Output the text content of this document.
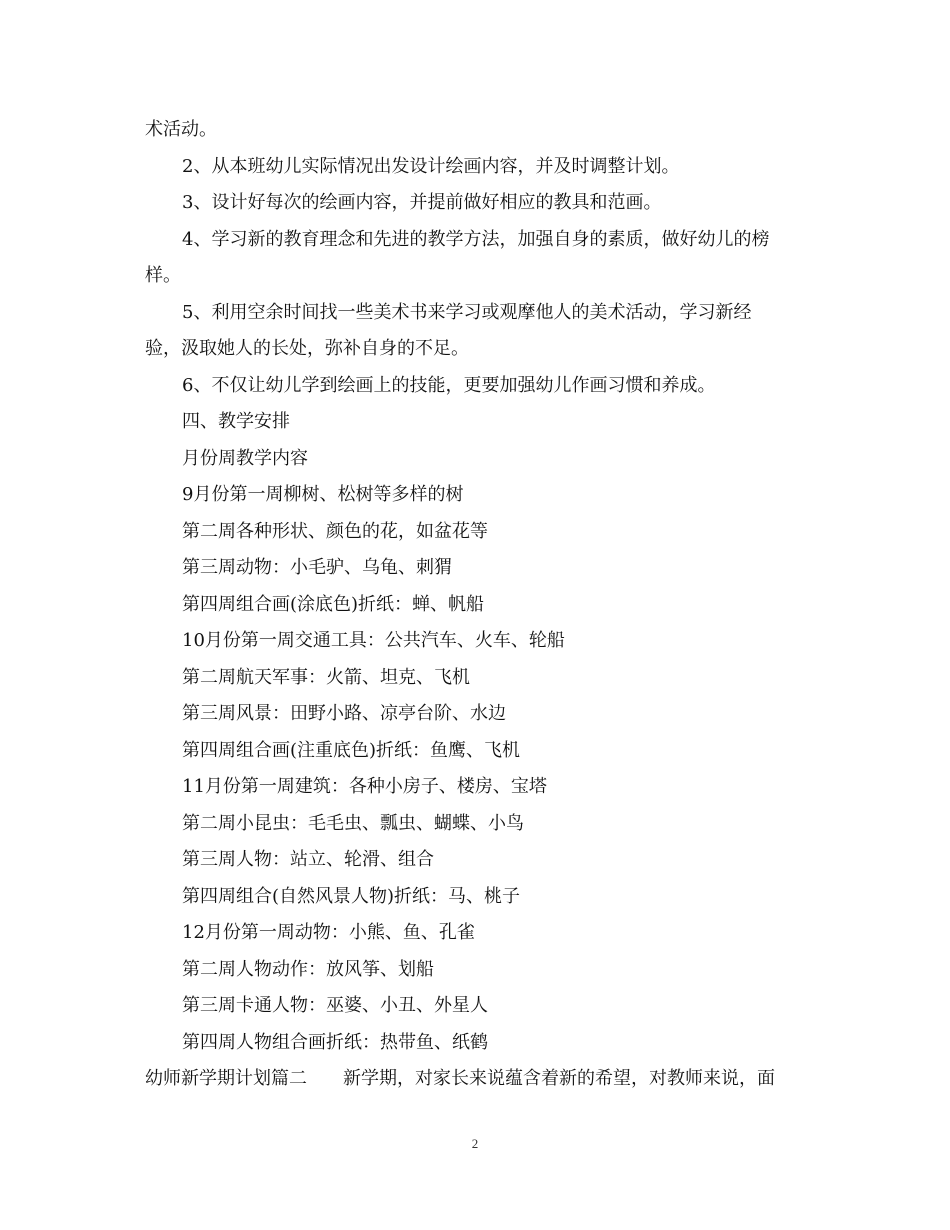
术活动。
2、从本班幼儿实际情况出发设计绘画内容，并及时调整计划。
3、设计好每次的绘画内容，并提前做好相应的教具和范画。
4、学习新的教育理念和先进的教学方法，加强自身的素质，做好幼儿的榜
样。
5、利用空余时间找一些美术书来学习或观摩他人的美术活动，学习新经
验，汲取她人的长处，弥补自身的不足。
6、不仅让幼儿学到绘画上的技能，更要加强幼儿作画习惯和养成。
四、教学安排
月份周教学内容
9月份第一周柳树、松树等多样的树
第二周各种形状、颜色的花，如盆花等
第三周动物：小毛驴、乌龟、刺猬
第四周组合画(涂底色)折纸：蝉、帆船
10月份第一周交通工具：公共汽车、火车、轮船
第二周航天军事：火箭、坦克、飞机
第三周风景：田野小路、凉亭台阶、水边
第四周组合画(注重底色)折纸：鱼鹰、飞机
11月份第一周建筑：各种小房子、楼房、宝塔
第二周小昆虫：毛毛虫、瓢虫、蝴蝶、小鸟
第三周人物：站立、轮滑、组合
第四周组合(自然风景人物)折纸：马、桃子
12月份第一周动物：小熊、鱼、孔雀
第二周人物动作：放风筝、划船
第三周卡通人物：巫婆、小丑、外星人
第四周人物组合画折纸：热带鱼、纸鹤
幼师新学期计划篇二　　新学期，对家长来说蕴含着新的希望，对教师来说，面
2
